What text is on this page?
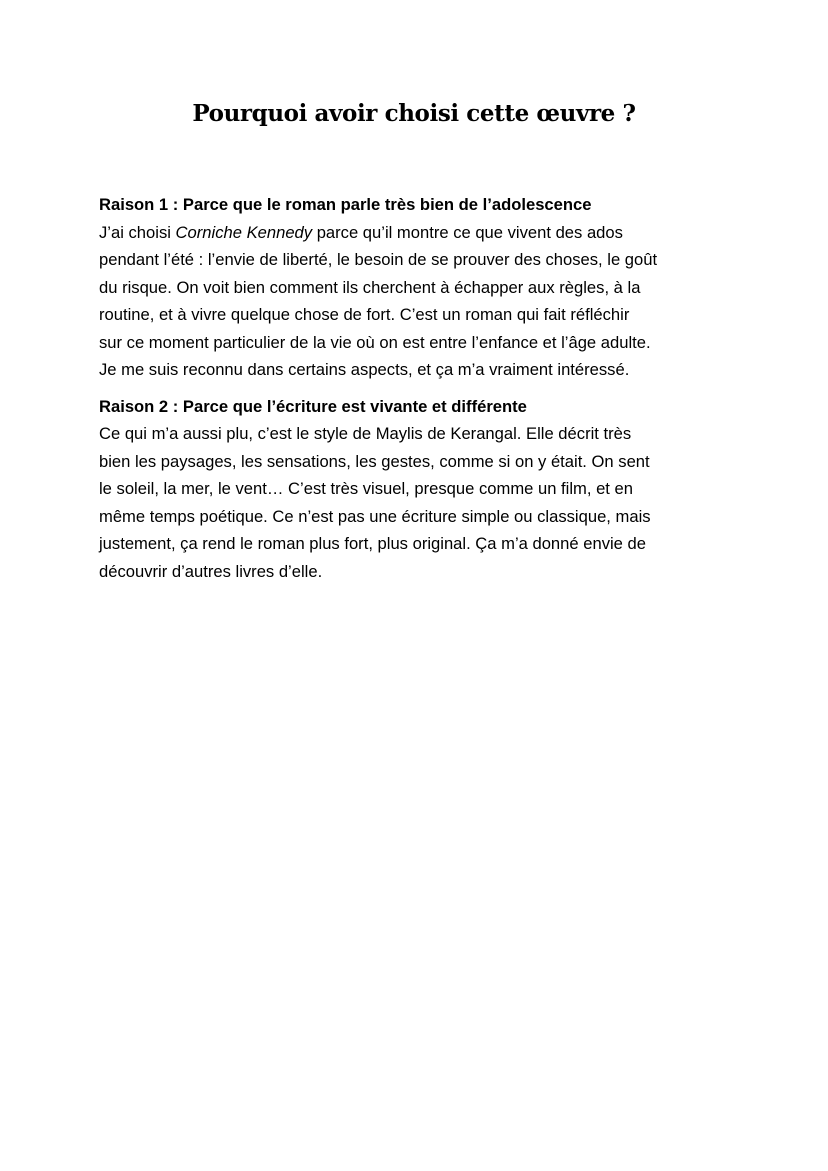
Pourquoi avoir choisi cette œuvre ?
Raison 1 : Parce que le roman parle très bien de l’adolescence
J’ai choisi Corniche Kennedy parce qu’il montre ce que vivent des ados
pendant l’été : l’envie de liberté, le besoin de se prouver des choses, le goût
du risque. On voit bien comment ils cherchent à échapper aux règles, à la
routine, et à vivre quelque chose de fort. C’est un roman qui fait réfléchir
sur ce moment particulier de la vie où on est entre l’enfance et l’âge adulte.
Je me suis reconnu dans certains aspects, et ça m’a vraiment intéressé.
Raison 2 : Parce que l’écriture est vivante et différente
Ce qui m’a aussi plu, c’est le style de Maylis de Kerangal. Elle décrit très
bien les paysages, les sensations, les gestes, comme si on y était. On sent
le soleil, la mer, le vent… C’est très visuel, presque comme un film, et en
même temps poétique. Ce n’est pas une écriture simple ou classique, mais
justement, ça rend le roman plus fort, plus original. Ça m’a donné envie de
découvrir d’autres livres d’elle.
